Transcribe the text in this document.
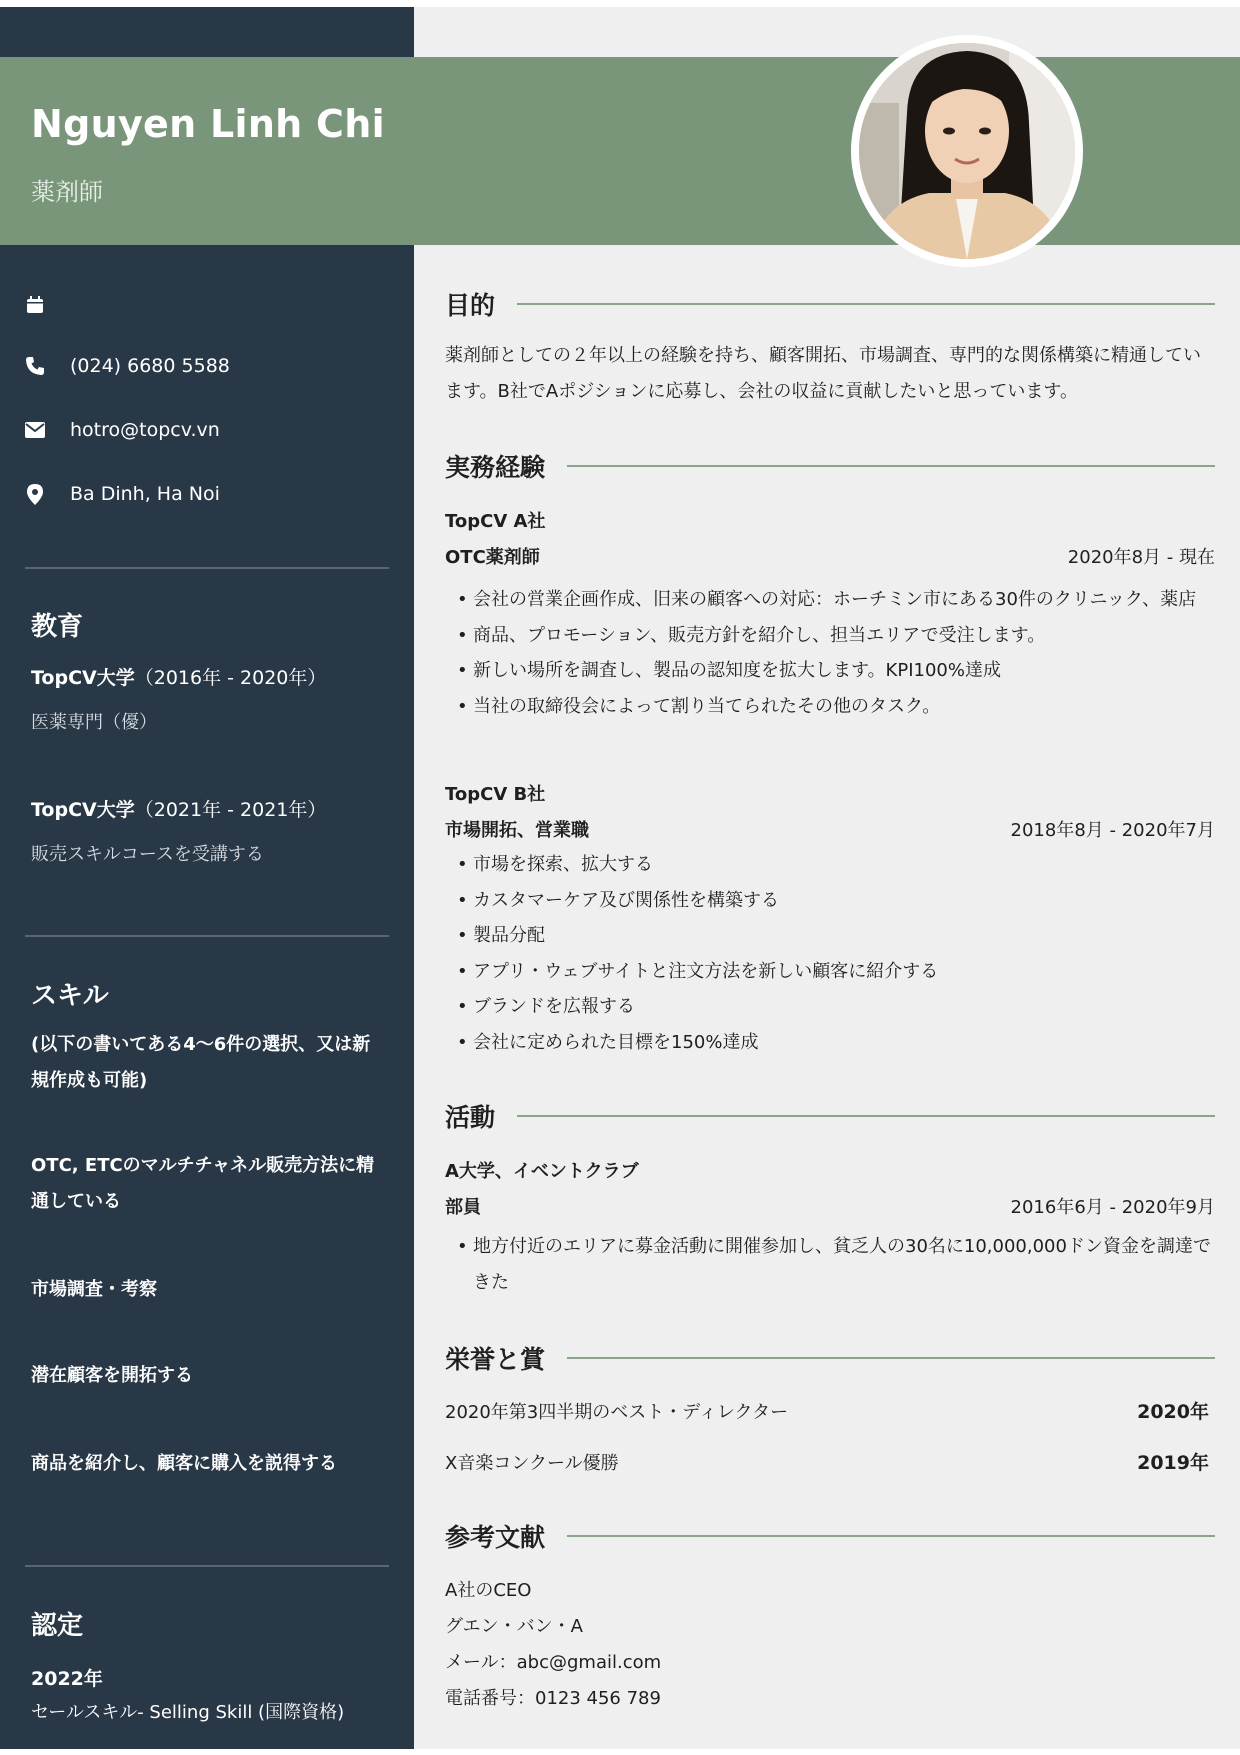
Nguyen Linh Chi
薬剤師
(024) 6680 5588
hotro@topcv.vn
Ba Dinh, Ha Noi
教育
TopCV大学（2016年 - 2020年）
医薬専門（優）
TopCV大学（2021年 - 2021年）
販売スキルコースを受講する
スキル
(以下の書いてある4～6件の選択、又は新規作成も可能)
OTC, ETCのマルチチャネル販売方法に精通している
市場調査・考察
潜在顧客を開拓する
商品を紹介し、顧客に購入を説得する
認定
2022年
セールスキル- Selling Skill (国際資格)
目的
薬剤師としての２年以上の経験を持ち、顧客開拓、市場調査、専門的な関係構築に精通しています。B社でAポジションに応募し、会社の収益に貢献したいと思っています。
実務経験
TopCV A社
OTC薬剤師	2020年8月 - 現在
• 会社の営業企画作成、旧来の顧客への対応：ホーチミン市にある30件のクリニック、薬店
• 商品、プロモーション、販売方針を紹介し、担当エリアで受注します。
• 新しい場所を調査し、製品の認知度を拡大します。KPI100%達成
• 当社の取締役会によって割り当てられたその他のタスク。
TopCV B社
市場開拓、営業職	2018年8月 - 2020年7月
• 市場を探索、拡大する
• カスタマーケア及び関係性を構築する
• 製品分配
• アプリ・ウェブサイトと注文方法を新しい顧客に紹介する
• ブランドを広報する
• 会社に定められた目標を150%達成
活動
A大学、イベントクラブ
部員	2016年6月 - 2020年9月
• 地方付近のエリアに募金活動に開催参加し、貧乏人の30名に10,000,000ドン資金を調達できた
栄誉と賞
2020年第3四半期のベスト・ディレクター	2020年
X音楽コンクール優勝	2019年
参考文献
A社のCEO
グエン・バン・A
メール：abc@gmail.com
電話番号：0123 456 789
